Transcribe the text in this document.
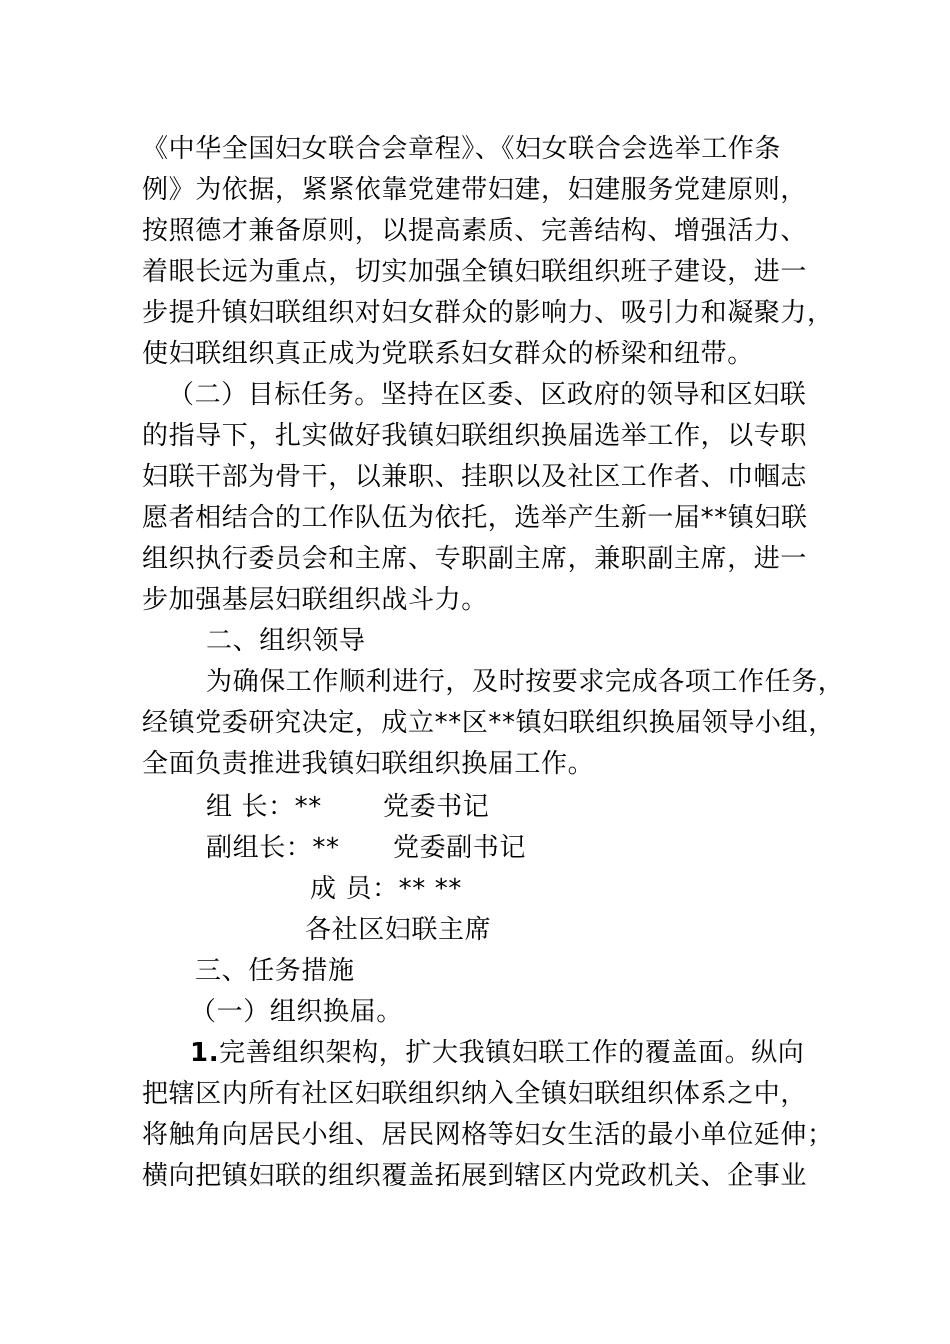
《中华全国妇女联合会章程》、《妇女联合会选举工作条
例》为依据，紧紧依靠党建带妇建，妇建服务党建原则，
按照德才兼备原则，以提高素质、完善结构、增强活力、
着眼长远为重点，切实加强全镇妇联组织班子建设，进一
步提升镇妇联组织对妇女群众的影响力、吸引力和凝聚力，
使妇联组织真正成为党联系妇女群众的桥梁和纽带。
（二）目标任务。坚持在区委、区政府的领导和区妇联
的指导下，扎实做好我镇妇联组织换届选举工作，以专职
妇联干部为骨干，以兼职、挂职以及社区工作者、巾帼志
愿者相结合的工作队伍为依托，选举产生新一届**镇妇联
组织执行委员会和主席、专职副主席，兼职副主席，进一
步加强基层妇联组织战斗力。
二、组织领导
为确保工作顺利进行，及时按要求完成各项工作任务，
经镇党委研究决定，成立**区**镇妇联组织换届领导小组，
全面负责推进我镇妇联组织换届工作。
组 长：** 党委书记
副组长：** 党委副书记
成 员：** **
各社区妇联主席
三、任务措施
（一）组织换届。
1.完善组织架构，扩大我镇妇联工作的覆盖面。纵向
把辖区内所有社区妇联组织纳入全镇妇联组织体系之中，
将触角向居民小组、居民网格等妇女生活的最小单位延伸；
横向把镇妇联的组织覆盖拓展到辖区内党政机关、企事业
